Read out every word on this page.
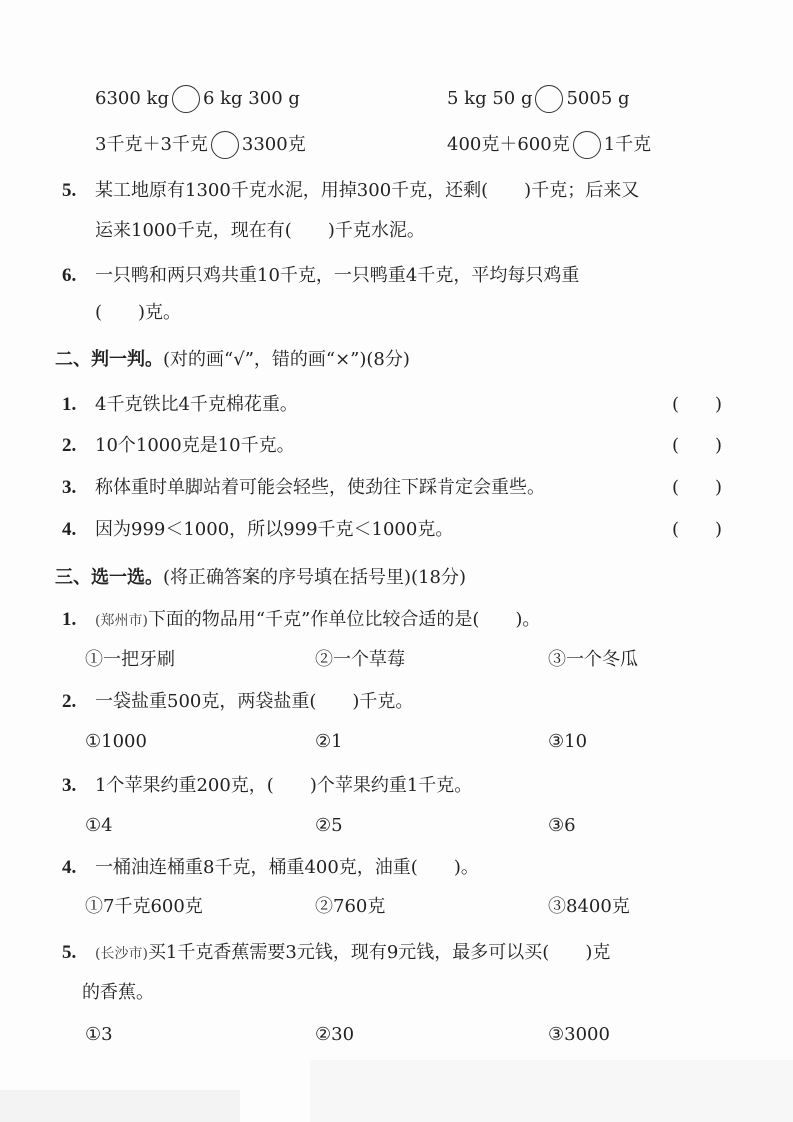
6300 kg 6 kg 300 g	5 kg 50 g 5005 g
3千克＋3千克 3300克	400克＋600克 1千克
5. 某工地原有1300千克水泥，用掉300千克，还剩(　　)千克；后来又
运来1000千克，现在有(　　)千克水泥。
6. 一只鸭和两只鸡共重10千克，一只鸭重4千克，平均每只鸡重
(　　)克。
二、判一判。(对的画“√”，错的画“×”)(8分)
三、选一选。(将正确答案的序号填在括号里)(18分)
1. 4千克铁比4千克棉花重。	(　　)
2. 10个1000克是10千克。	(　　)
3. 称体重时单脚站着可能会轻些，使劲往下踩肯定会重些。	(　　)
4. 因为999＜1000，所以999千克＜1000克。	(　　)
1. (郑州市)下面的物品用“千克”作单位比较合适的是(　　)。
①一把牙刷	②一个草莓	③一个冬瓜
2. 一袋盐重500克，两袋盐重(　　)千克。
①1000	②1	③10
3. 1个苹果约重200克，(　　)个苹果约重1千克。
①4	②5	③6
4. 一桶油连桶重8千克，桶重400克，油重(　　)。
①7千克600克	②760克	③8400克
5. (长沙市)买1千克香蕉需要3元钱，现有9元钱，最多可以买(　　)克
的香蕉。
①3	②30	③3000
